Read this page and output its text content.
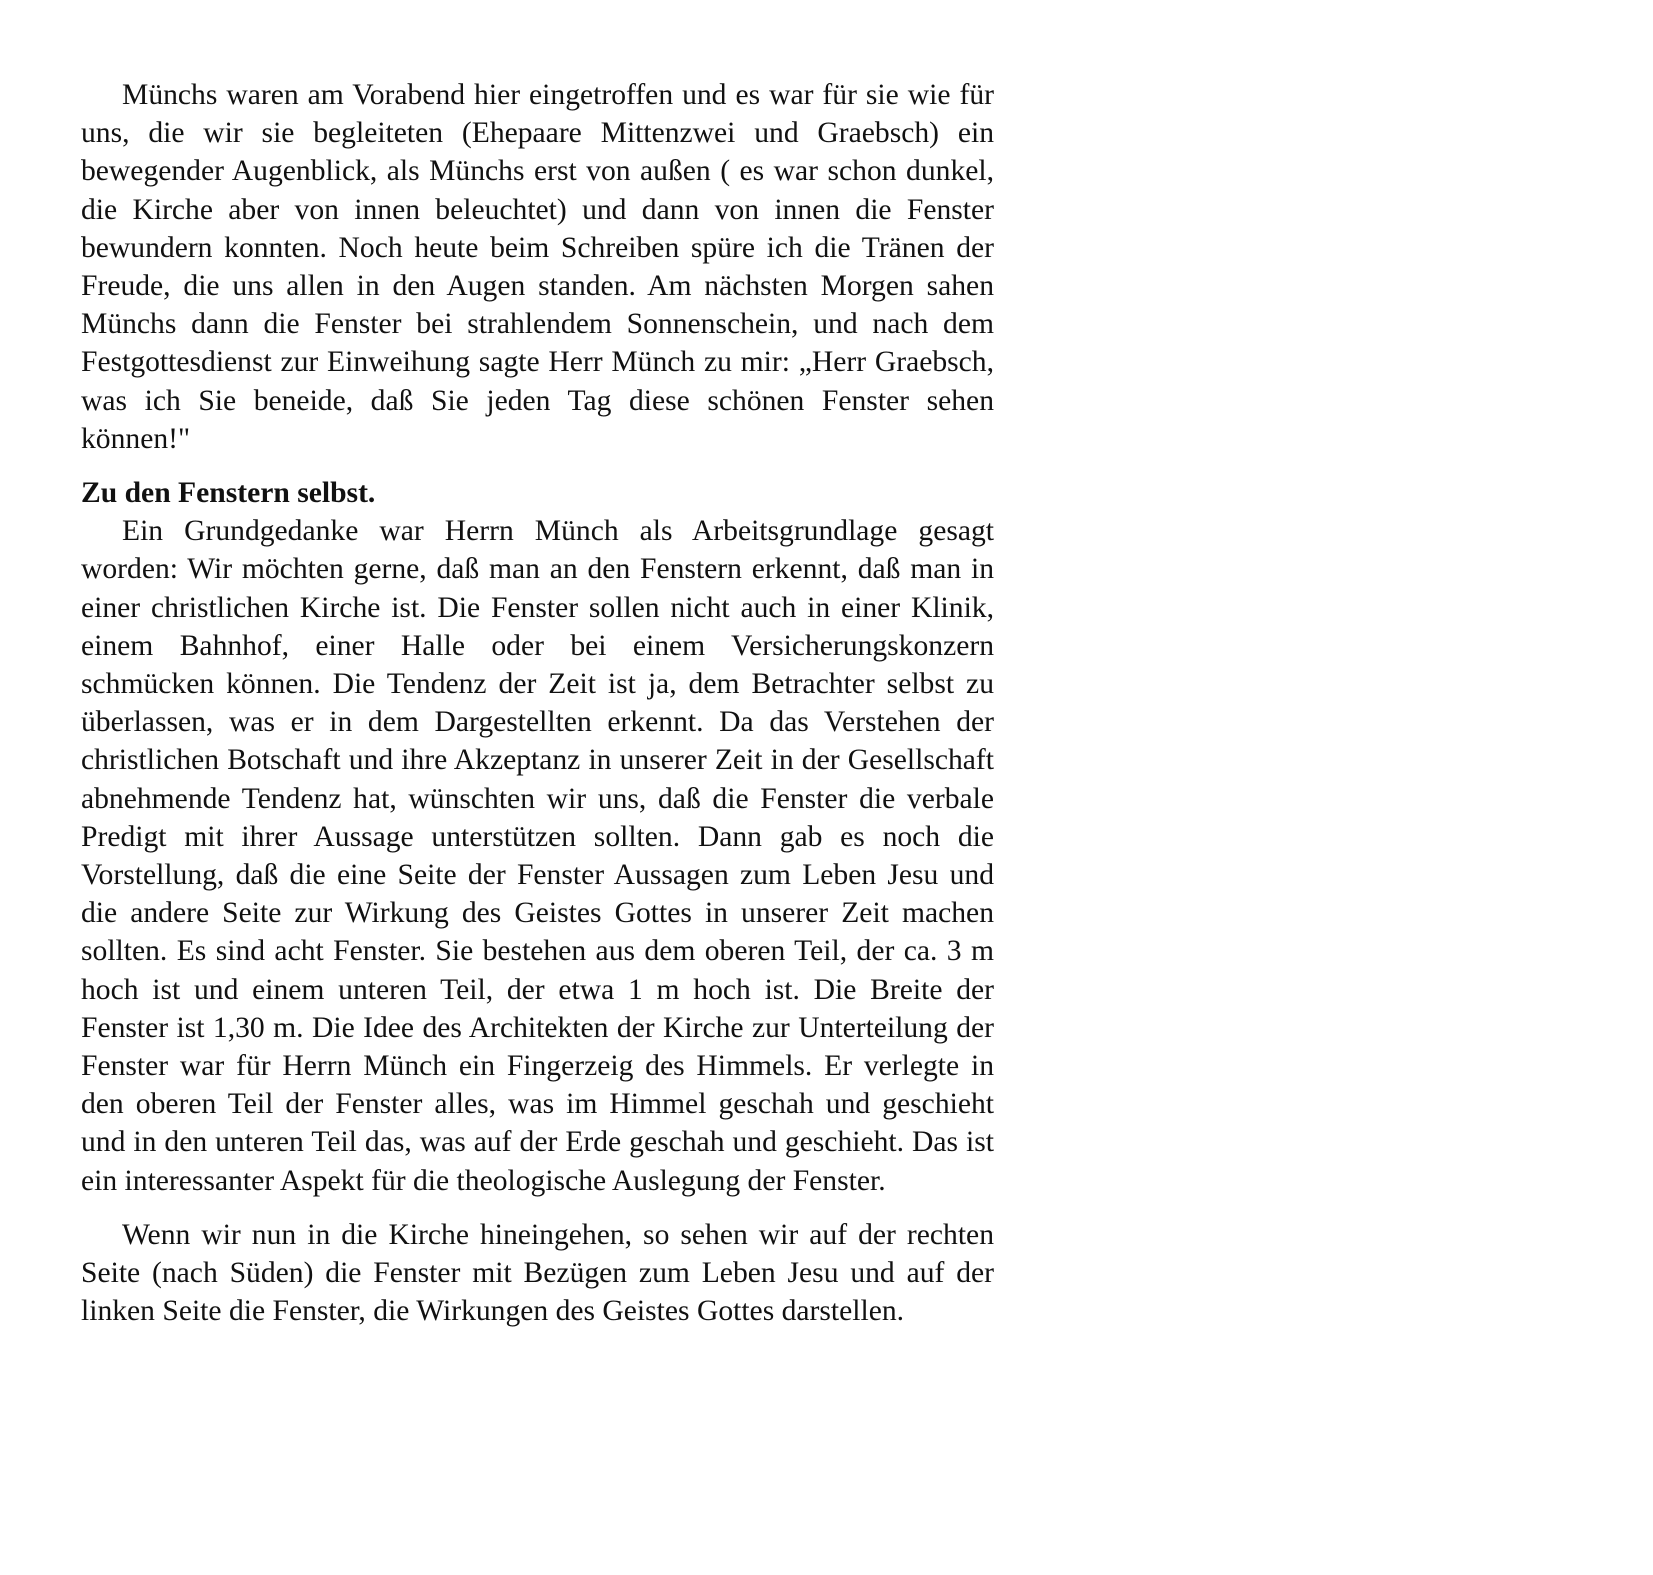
Münchs waren am Vorabend hier eingetroffen und es war für sie wie für uns, die wir sie begleiteten (Ehepaare Mittenzwei und Graebsch) ein bewegender Augenblick, als Münchs erst von außen ( es war schon dunkel, die Kirche aber von innen beleuchtet) und dann von innen die Fenster bewundern konnten. Noch heute beim Schreiben spüre ich die Tränen der Freude, die uns allen in den Augen standen. Am nächsten Morgen sahen Münchs dann die Fenster bei strahlendem Sonnenschein, und nach dem Festgottesdienst zur Einweihung sagte Herr Münch zu mir: „Herr Graebsch, was ich Sie beneide, daß Sie jeden Tag diese schönen Fenster sehen können!"

Zu den Fenstern selbst.

Ein Grundgedanke war Herrn Münch als Arbeitsgrundlage gesagt worden: Wir möchten gerne, daß man an den Fenstern erkennt, daß man in einer christlichen Kirche ist. Die Fenster sollen nicht auch in einer Klinik, einem Bahnhof, einer Halle oder bei einem Versicherungskonzern schmücken können. Die Tendenz der Zeit ist ja, dem Betrachter selbst zu überlassen, was er in dem Dargestellten erkennt. Da das Verstehen der christlichen Botschaft und ihre Akzeptanz in unserer Zeit in der Gesellschaft abnehmende Tendenz hat, wünschten wir uns, daß die Fenster die verbale Predigt mit ihrer Aussage unterstützen sollten. Dann gab es noch die Vorstellung, daß die eine Seite der Fenster Aussagen zum Leben Jesu und die andere Seite zur Wirkung des Geistes Gottes in unserer Zeit machen sollten. Es sind acht Fenster. Sie bestehen aus dem oberen Teil, der ca. 3 m hoch ist und einem unteren Teil, der etwa 1 m hoch ist. Die Breite der Fenster ist 1,30 m. Die Idee des Architekten der Kirche zur Unterteilung der Fenster war für Herrn Münch ein Fingerzeig des Himmels. Er verlegte in den oberen Teil der Fenster alles, was im Himmel geschah und geschieht und in den unteren Teil das, was auf der Erde geschah und geschieht. Das ist ein interessanter Aspekt für die theologische Auslegung der Fenster.

Wenn wir nun in die Kirche hineingehen, so sehen wir auf der rechten Seite (nach Süden) die Fenster mit Bezügen zum Leben Jesu und auf der linken Seite die Fenster, die Wirkungen des Geistes Gottes darstellen.
